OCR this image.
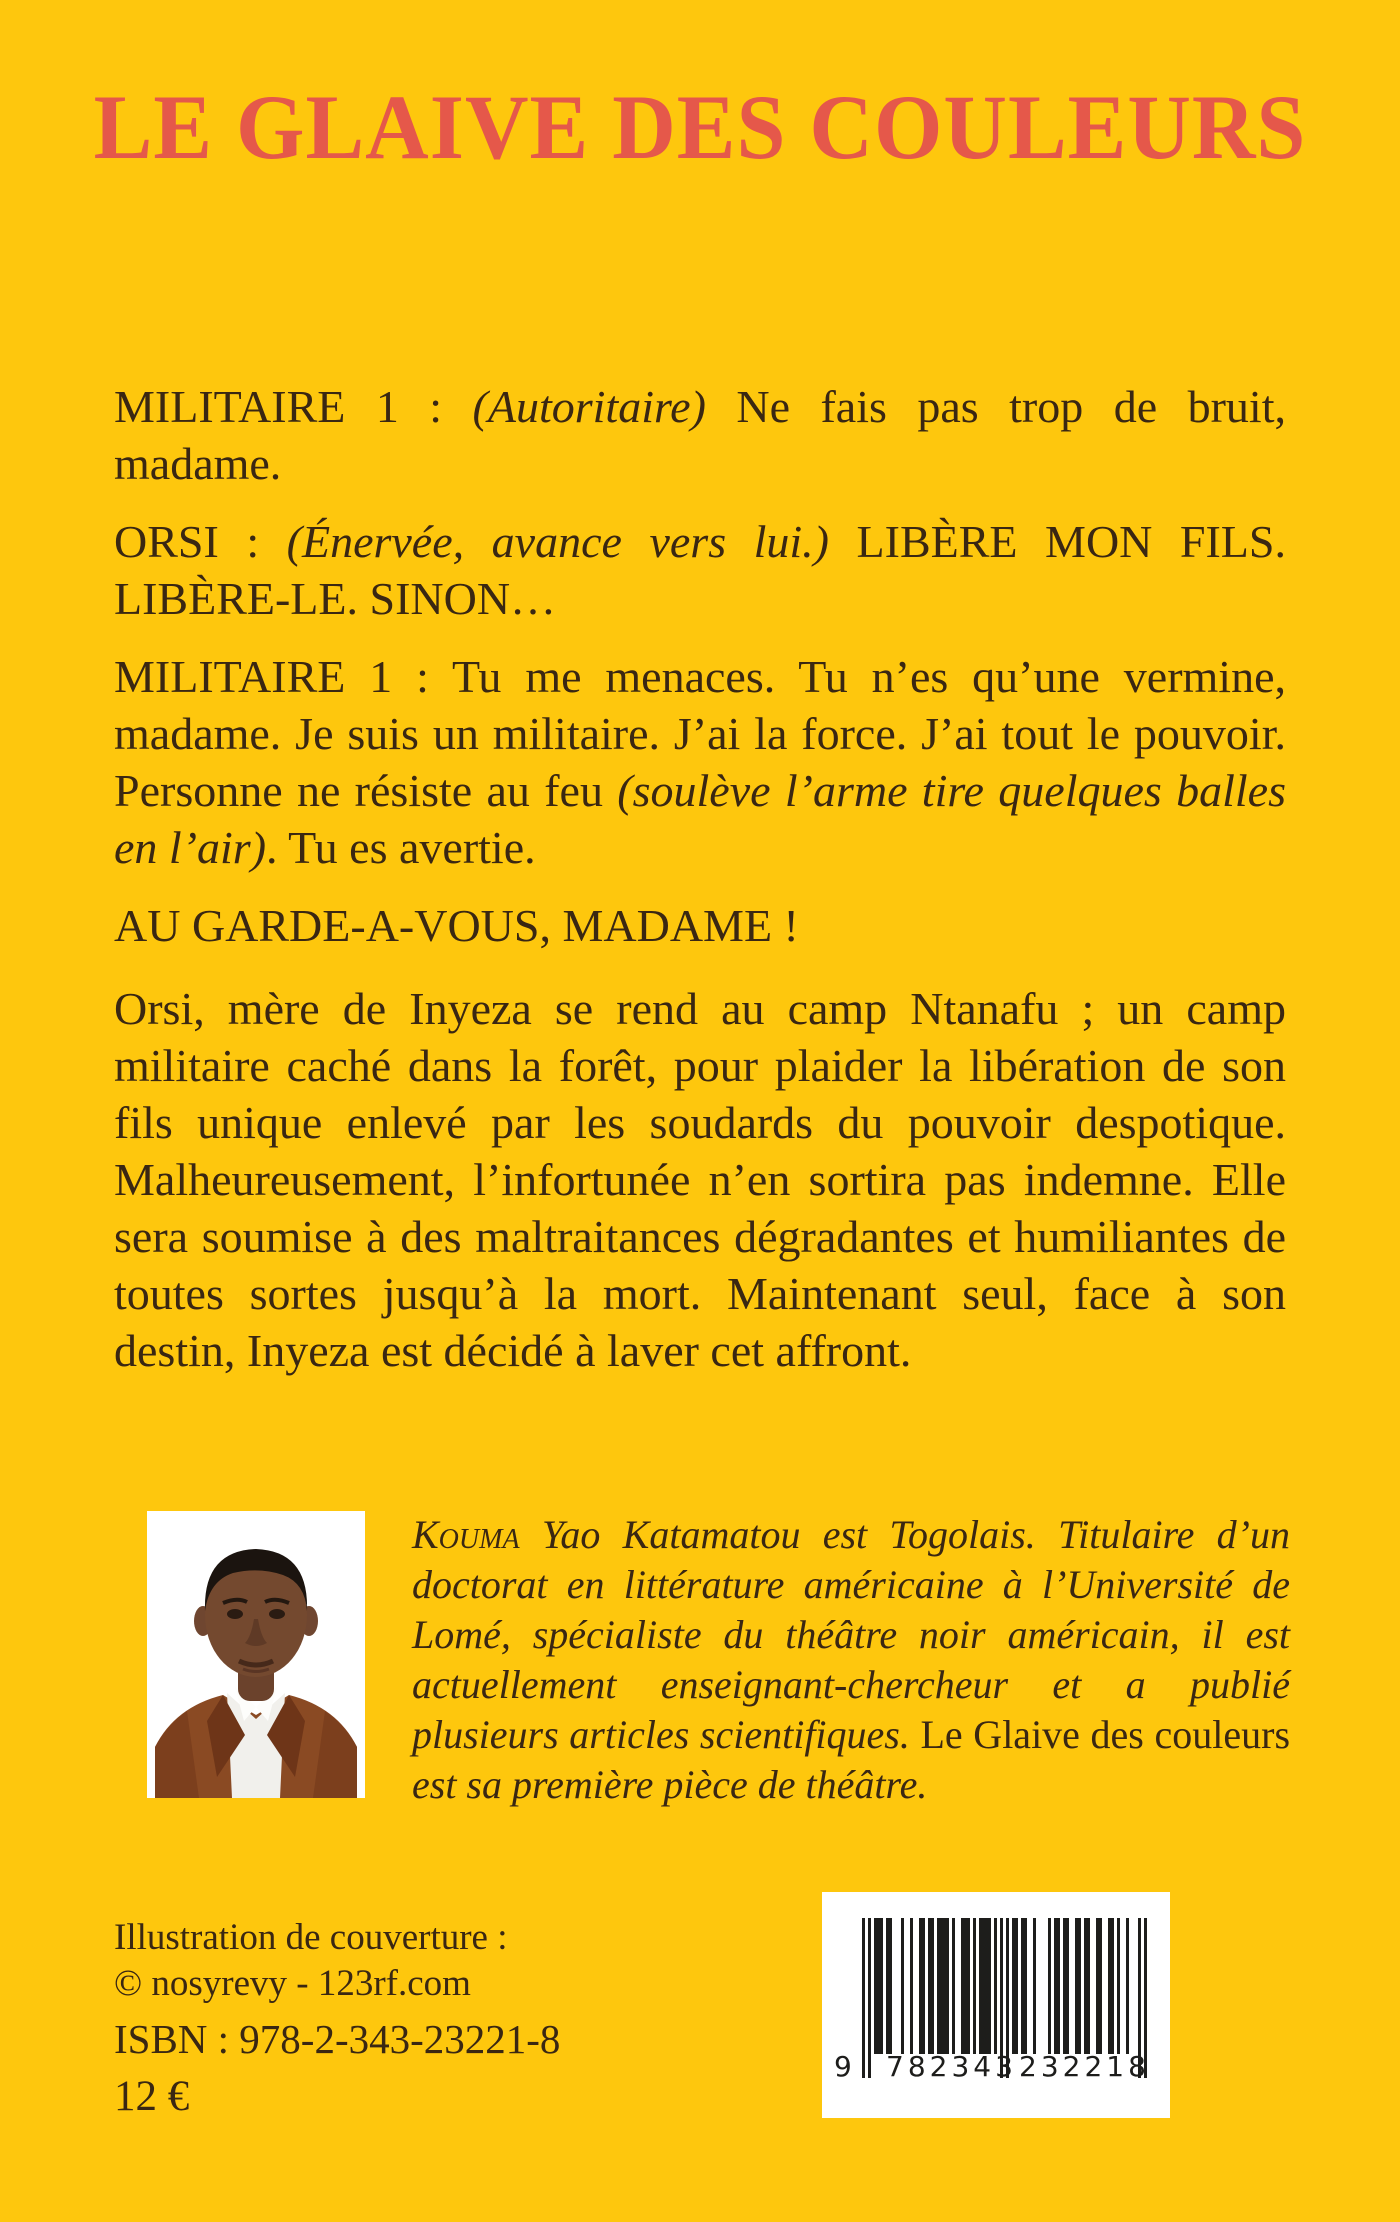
LE GLAIVE DES COULEURS

MILITAIRE 1 : (Autoritaire) Ne fais pas trop de bruit, madame.

ORSI : (Énervée, avance vers lui.) LIBÈRE MON FILS. LIBÈRE-LE. SINON…

MILITAIRE 1 : Tu me menaces. Tu n’es qu’une vermine, madame. Je suis un militaire. J’ai la force. J’ai tout le pouvoir. Personne ne résiste au feu (soulève l’arme tire quelques balles en l’air). Tu es avertie.

AU GARDE-A-VOUS, MADAME !

Orsi, mère de Inyeza se rend au camp Ntanafu ; un camp militaire caché dans la forêt, pour plaider la libération de son fils unique enlevé par les soudards du pouvoir despotique. Malheureusement, l’infortunée n’en sortira pas indemne. Elle sera soumise à des maltraitances dégradantes et humiliantes de toutes sortes jusqu’à la mort. Maintenant seul, face à son destin, Inyeza est décidé à laver cet affront.

Kouma Yao Katamatou est Togolais. Titulaire d’un doctorat en littérature américaine à l’Université de Lomé, spécialiste du théâtre noir américain, il est actuellement enseignant-chercheur et a publié plusieurs articles scientifiques. Le Glaive des couleurs est sa première pièce de théâtre.

Illustration de couverture :
© nosyrevy - 123rf.com
ISBN : 978-2-343-23221-8
12 €
9 782343 232218
